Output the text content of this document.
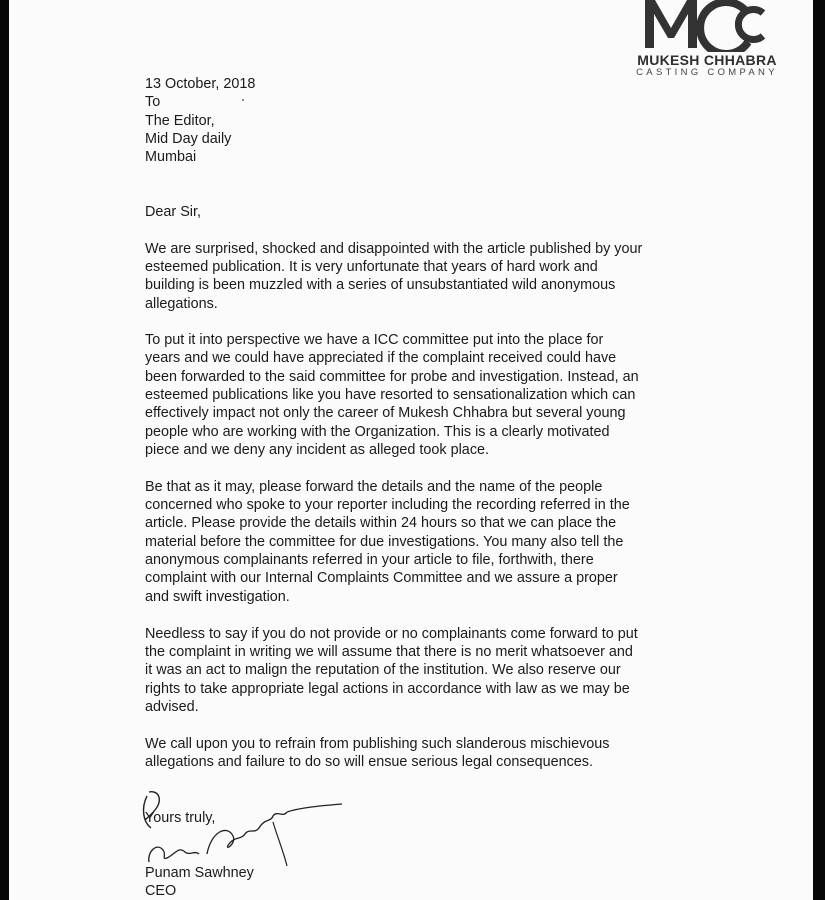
MUKESH CHHABRA
CASTING COMPANY
13 October, 2018
To
The Editor,
Mid Day daily
Mumbai
Dear Sir,
We are surprised, shocked and disappointed with the article published by your
esteemed publication. It is very unfortunate that years of hard work and
building is been muzzled with a series of unsubstantiated wild anonymous
allegations.
To put it into perspective we have a ICC committee put into the place for
years and we could have appreciated if the complaint received could have
been forwarded to the said committee for probe and investigation. Instead, an
esteemed publications like you have resorted to sensationalization which can
effectively impact not only the career of Mukesh Chhabra but several young
people who are working with the Organization. This is a clearly motivated
piece and we deny any incident as alleged took place.
Be that as it may, please forward the details and the name of the people
concerned who spoke to your reporter including the recording referred in the
article. Please provide the details within 24 hours so that we can place the
material before the committee for due investigations. You many also tell the
anonymous complainants referred in your article to file, forthwith, there
complaint with our Internal Complaints Committee and we assure a proper
and swift investigation.
Needless to say if you do not provide or no complainants come forward to put
the complaint in writing we will assume that there is no merit whatsoever and
it was an act to malign the reputation of the institution. We also reserve our
rights to take appropriate legal actions in accordance with law as we may be
advised.
We call upon you to refrain from publishing such slanderous mischievous
allegations and failure to do so will ensue serious legal consequences.
Yours truly,
Punam Sawhney
CEO
